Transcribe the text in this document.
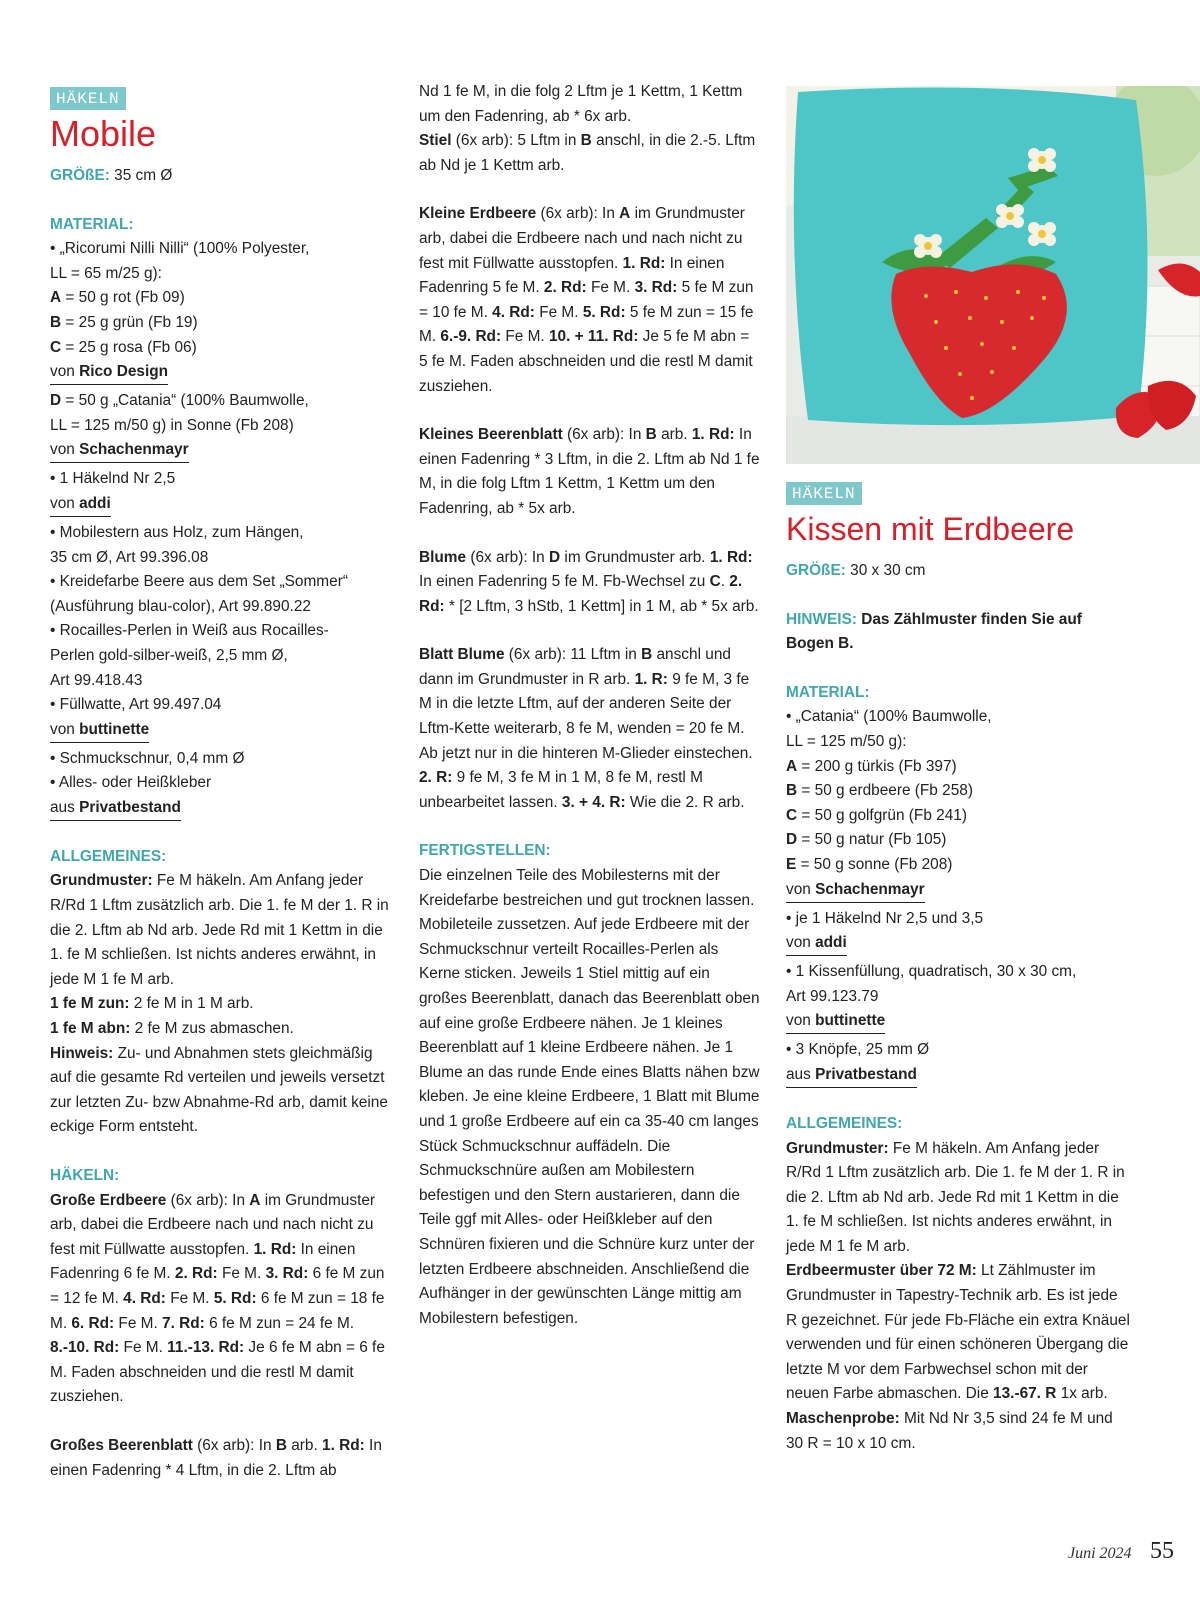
HÄKELN
Mobile

GRÖßE: 35 cm Ø

MATERIAL:

• „Ricorumi Nilli Nilli“ (100% Polyester,
LL = 65 m/25 g):

A = 50 g rot (Fb 09)

B = 25 g grün (Fb 19)

C = 25 g rosa (Fb 06)

von Rico Design

D = 50 g „Catania“ (100% Baumwolle,
LL = 125 m/50 g) in Sonne (Fb 208)

von Schachenmayr

• 1 Häkelnd Nr 2,5

von addi

• Mobilestern aus Holz, zum Hängen,
35 cm Ø, Art 99.396.08
• Kreidefarbe Beere aus dem Set „Sommer“
(Ausführung blau-color), Art 99.890.22
• Rocailles-Perlen in Weiß aus Rocailles-
Perlen gold-silber-weiß, 2,5 mm Ø,
Art 99.418.43
• Füllwatte, Art 99.497.04

von buttinette

• Schmuckschnur, 0,4 mm Ø
• Alles- oder Heißkleber

aus Privatbestand

ALLGEMEINES:

Grundmuster: Fe M häkeln. Am Anfang jeder R/Rd 1 Lftm zusätzlich arb. Die 1. fe M der 1. R in die 2. Lftm ab Nd arb. Jede Rd mit 1 Kettm in die 1. fe M schließen. Ist nichts anderes erwähnt, in jede M 1 fe M arb.

1 fe M zun: 2 fe M in 1 M arb.

1 fe M abn: 2 fe M zus abmaschen.

Hinweis: Zu- und Abnahmen stets gleichmäßig auf die gesamte Rd verteilen und jeweils versetzt zur letzten Zu- bzw Abnahme-Rd arb, damit keine eckige Form entsteht.

HÄKELN:

Große Erdbeere (6x arb): In A im Grundmuster arb, dabei die Erdbeere nach und nach nicht zu fest mit Füllwatte ausstopfen. 1. Rd: In einen Fadenring 6 fe M. 2. Rd: Fe M. 3. Rd: 6 fe M zun = 12 fe M. 4. Rd: Fe M. 5. Rd: 6 fe M zun = 18 fe M. 6. Rd: Fe M. 7. Rd: 6 fe M zun = 24 fe M. 8.-10. Rd: Fe M. 11.-13. Rd: Je 6 fe M abn = 6 fe M. Faden abschneiden und die restl M damit zusziehen.

Großes Beerenblatt (6x arb): In B arb. 1. Rd: In einen Fadenring * 4 Lftm, in die 2. Lftm ab

Nd 1 fe M, in die folg 2 Lftm je 1 Kettm, 1 Kettm um den Fadenring, ab * 6x arb.

Stiel (6x arb): 5 Lftm in B anschl, in die 2.-5. Lftm ab Nd je 1 Kettm arb.

Kleine Erdbeere (6x arb): In A im Grundmuster arb, dabei die Erdbeere nach und nach nicht zu fest mit Füllwatte ausstopfen. 1. Rd: In einen Fadenring 5 fe M. 2. Rd: Fe M. 3. Rd: 5 fe M zun = 10 fe M. 4. Rd: Fe M. 5. Rd: 5 fe M zun = 15 fe M. 6.-9. Rd: Fe M. 10. + 11. Rd: Je 5 fe M abn = 5 fe M. Faden abschneiden und die restl M damit zusziehen.

Kleines Beerenblatt (6x arb): In B arb. 1. Rd: In einen Fadenring * 3 Lftm, in die 2. Lftm ab Nd 1 fe M, in die folg Lftm 1 Kettm, 1 Kettm um den Fadenring, ab * 5x arb.

Blume (6x arb): In D im Grundmuster arb. 1. Rd: In einen Fadenring 5 fe M. Fb-Wechsel zu C. 2. Rd: * [2 Lftm, 3 hStb, 1 Kettm] in 1 M, ab * 5x arb.

Blatt Blume (6x arb): 11 Lftm in B anschl und dann im Grundmuster in R arb. 1. R: 9 fe M, 3 fe M in die letzte Lftm, auf der anderen Seite der Lftm-Kette weiterarb, 8 fe M, wenden = 20 fe M. Ab jetzt nur in die hinteren M-Glieder einstechen. 2. R: 9 fe M, 3 fe M in 1 M, 8 fe M, restl M unbearbeitet lassen. 3. + 4. R: Wie die 2. R arb.

FERTIGSTELLEN:

Die einzelnen Teile des Mobilesterns mit der Kreidefarbe bestreichen und gut trocknen lassen. Mobileteile zussetzen. Auf jede Erdbeere mit der Schmuckschnur verteilt Rocailles-Perlen als Kerne sticken. Jeweils 1 Stiel mittig auf ein großes Beerenblatt, danach das Beerenblatt oben auf eine große Erdbeere nähen. Je 1 kleines Beerenblatt auf 1 kleine Erdbeere nähen. Je 1 Blume an das runde Ende eines Blatts nähen bzw kleben. Je eine kleine Erdbeere, 1 Blatt mit Blume und 1 große Erdbeere auf ein ca 35-40 cm langes Stück Schmuckschnur auffädeln. Die Schmuckschnüre außen am Mobilestern befestigen und den Stern austarieren, dann die Teile ggf mit Alles- oder Heißkleber auf den Schnüren fixieren und die Schnüre kurz unter der letzten Erdbeere abschneiden. Anschließend die Aufhänger in der gewünschten Länge mittig am Mobilestern befestigen.

HÄKELN
Kissen mit Erdbeere

GRÖßE: 30 x 30 cm

HINWEIS: Das Zählmuster finden Sie auf Bogen B.

MATERIAL:

• „Catania“ (100% Baumwolle,
LL = 125 m/50 g):

A = 200 g türkis (Fb 397)

B = 50 g erdbeere (Fb 258)

C = 50 g golfgrün (Fb 241)

D = 50 g natur (Fb 105)

E = 50 g sonne (Fb 208)

von Schachenmayr

• je 1 Häkelnd Nr 2,5 und 3,5

von addi

• 1 Kissenfüllung, quadratisch, 30 x 30 cm,
Art 99.123.79

von buttinette

• 3 Knöpfe, 25 mm Ø

aus Privatbestand

ALLGEMEINES:

Grundmuster: Fe M häkeln. Am Anfang jeder R/Rd 1 Lftm zusätzlich arb. Die 1. fe M der 1. R in die 2. Lftm ab Nd arb. Jede Rd mit 1 Kettm in die 1. fe M schließen. Ist nichts anderes erwähnt, in jede M 1 fe M arb.

Erdbeermuster über 72 M: Lt Zählmuster im Grundmuster in Tapestry-Technik arb. Es ist jede R gezeichnet. Für jede Fb-Fläche ein extra Knäuel verwenden und für einen schöneren Übergang die letzte M vor dem Farbwechsel schon mit der neuen Farbe abmaschen. Die 13.-67. R 1x arb.

Maschenprobe: Mit Nd Nr 3,5 sind 24 fe M und 30 R = 10 x 10 cm.

Juni 2024 55
